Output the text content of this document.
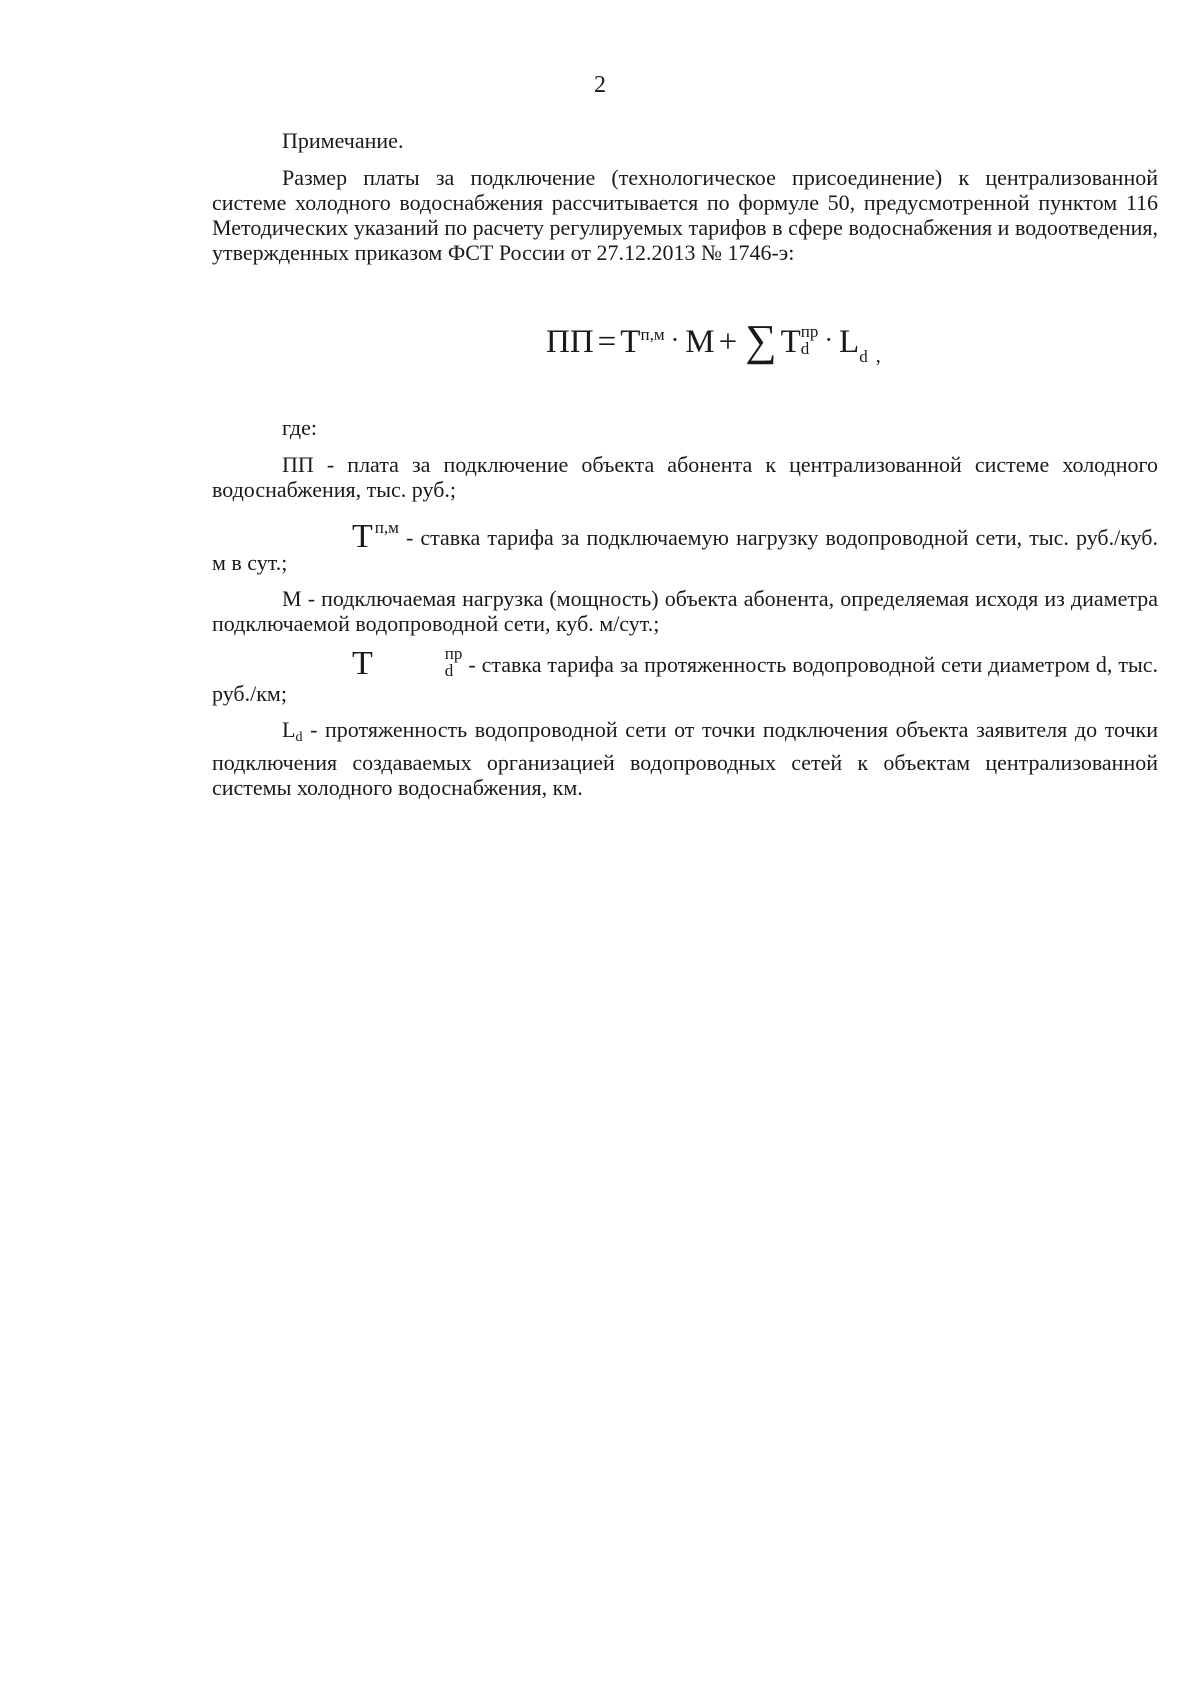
2

Примечание.

Размер платы за подключение (технологическое присоединение) к централизованной системе холодного водоснабжения рассчитывается по формуле 50, предусмотренной пунктом 116 Методических указаний по расчету регулируемых тарифов в сфере водоснабжения и водоотведения, утвержденных приказом ФСТ России от 27.12.2013 № 1746-э:

ПП = $Т^{п,м} \cdot М$ + ∑ Т пр
$d \cdot L_d$ $_,$

где:

ПП - плата за подключение объекта абонента к централизованной системе холодного водоснабжения, тыс. руб.;

Т $^{п,м}$ - ставка тарифа за подключаемую нагрузку водопроводной сети, тыс. руб./куб. м в сут.;

М - подключаемая нагрузка (мощность) объекта абонента, определяемая исходя из диаметра подключаемой водопроводной сети, куб. м/сут.;

Т	пр
d - ставка тарифа за протяженность водопроводной сети диаметром d, тыс. руб./км;

Ld - протяженность водопроводной сети от точки подключения объекта заявителя до точки подключения создаваемых организацией водопроводных сетей к объектам централизованной системы холодного водоснабжения, км.
